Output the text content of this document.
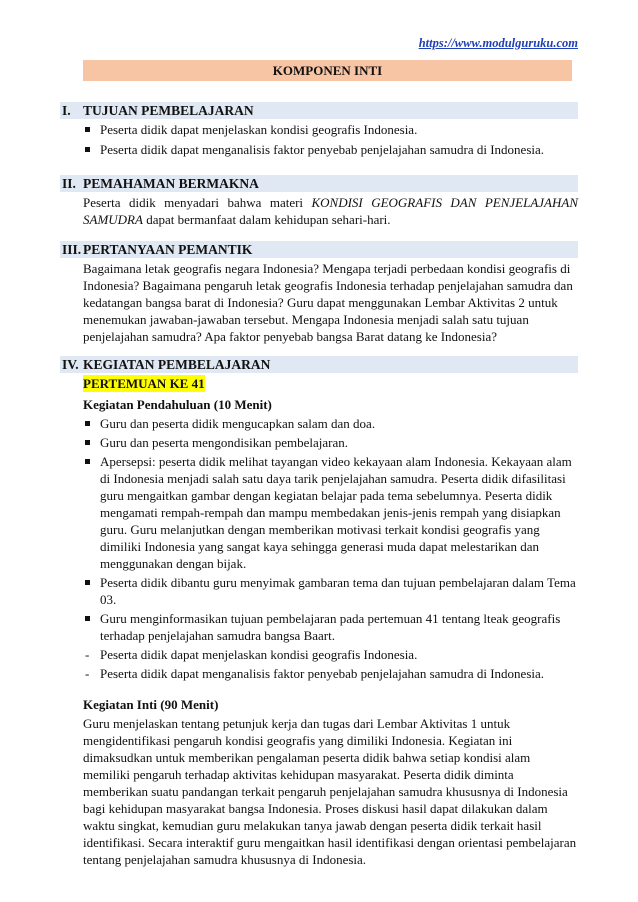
https://www.modulguruku.com
KOMPONEN INTI
I. TUJUAN PEMBELAJARAN
Peserta didik dapat menjelaskan kondisi geografis Indonesia.
Peserta didik dapat menganalisis faktor penyebab penjelajahan samudra di Indonesia.
II. PEMAHAMAN BERMAKNA
Peserta didik menyadari bahwa materi KONDISI GEOGRAFIS DAN PENJELAJAHAN SAMUDRA dapat bermanfaat dalam kehidupan sehari-hari.
III. PERTANYAAN PEMANTIK
Bagaimana letak geografis negara Indonesia? Mengapa terjadi perbedaan kondisi geografis di Indonesia? Bagaimana pengaruh letak geografis Indonesia terhadap penjelajahan samudra dan kedatangan bangsa barat di Indonesia? Guru dapat menggunakan Lembar Aktivitas 2 untuk menemukan jawaban-jawaban tersebut. Mengapa Indonesia menjadi salah satu tujuan penjelajahan samudra? Apa faktor penyebab bangsa Barat datang ke Indonesia?
IV. KEGIATAN PEMBELAJARAN
PERTEMUAN KE 41
Kegiatan Pendahuluan (10 Menit)
Guru dan peserta didik mengucapkan salam dan doa.
Guru dan peserta mengondisikan pembelajaran.
Apersepsi: peserta didik melihat tayangan video kekayaan alam Indonesia. Kekayaan alam di Indonesia menjadi salah satu daya tarik penjelajahan samudra. Peserta didik difasilitasi guru mengaitkan gambar dengan kegiatan belajar pada tema sebelumnya. Peserta didik mengamati rempah-rempah dan mampu membedakan jenis-jenis rempah yang disiapkan guru. Guru melanjutkan dengan memberikan motivasi terkait kondisi geografis yang dimiliki Indonesia yang sangat kaya sehingga generasi muda dapat melestarikan dan menggunakan dengan bijak.
Peserta didik dibantu guru menyimak gambaran tema dan tujuan pembelajaran dalam Tema 03.
Guru menginformasikan tujuan pembelajaran pada pertemuan 41 tentang lteak geografis terhadap penjelajahan samudra bangsa Baart.
- Peserta didik dapat menjelaskan kondisi geografis Indonesia.
- Peserta didik dapat menganalisis faktor penyebab penjelajahan samudra di Indonesia.
Kegiatan Inti (90 Menit)
Guru menjelaskan tentang petunjuk kerja dan tugas dari Lembar Aktivitas 1 untuk mengidentifikasi pengaruh kondisi geografis yang dimiliki Indonesia. Kegiatan ini dimaksudkan untuk memberikan pengalaman peserta didik bahwa setiap kondisi alam memiliki pengaruh terhadap aktivitas kehidupan masyarakat. Peserta didik diminta memberikan suatu pandangan terkait pengaruh penjelajahan samudra khususnya di Indonesia bagi kehidupan masyarakat bangsa Indonesia. Proses diskusi hasil dapat dilakukan dalam waktu singkat, kemudian guru melakukan tanya jawab dengan peserta didik terkait hasil identifikasi. Secara interaktif guru mengaitkan hasil identifikasi dengan orientasi pembelajaran tentang penjelajahan samudra khususnya di Indonesia.
